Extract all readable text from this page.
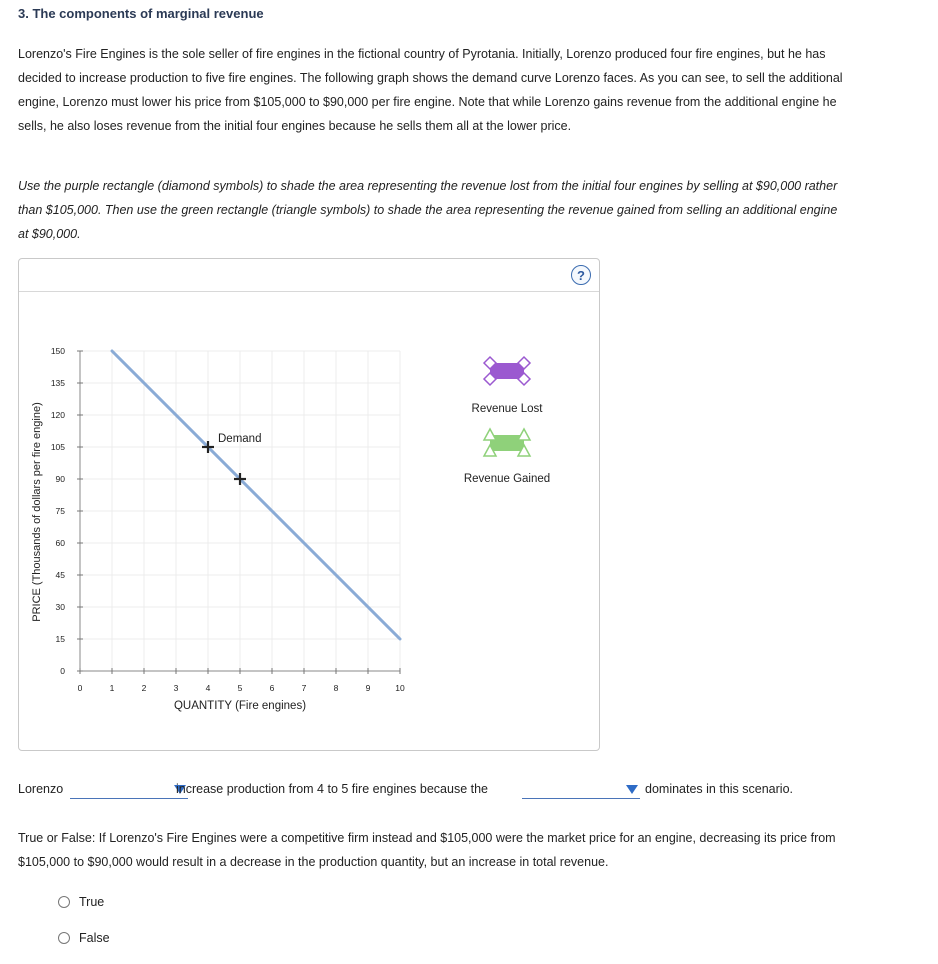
3. The components of marginal revenue

Lorenzo's Fire Engines is the sole seller of fire engines in the fictional country of Pyrotania. Initially, Lorenzo produced four fire engines, but he has

decided to increase production to five fire engines. The following graph shows the demand curve Lorenzo faces. As you can see, to sell the additional

engine, Lorenzo must lower his price from $105,000 to $90,000 per fire engine. Note that while Lorenzo gains revenue from the additional engine he

sells, he also loses revenue from the initial four engines because he sells them all at the lower price.

Use the purple rectangle (diamond symbols) to shade the area representing the revenue lost from the initial four engines by selling at $90,000 rather

than $105,000. Then use the green rectangle (triangle symbols) to shade the area representing the revenue gained from selling an additional engine

at $90,000.

?
0
15
30
45
60
75
90
105
120
135
150
0	1	2	3	4	5	6	7	8	9	10
PRICE (Thousands of dollars per fire engine)
QUANTITY (Fire engines)
Demand
Revenue Lost
Revenue Gained
Lorenzo	increase production from 4 to 5 fire engines because the	dominates in this scenario.

True or False: If Lorenzo's Fire Engines were a competitive firm instead and $105,000 were the market price for an engine, decreasing its price from

$105,000 to $90,000 would result in a decrease in the production quantity, but an increase in total revenue.

True
False
